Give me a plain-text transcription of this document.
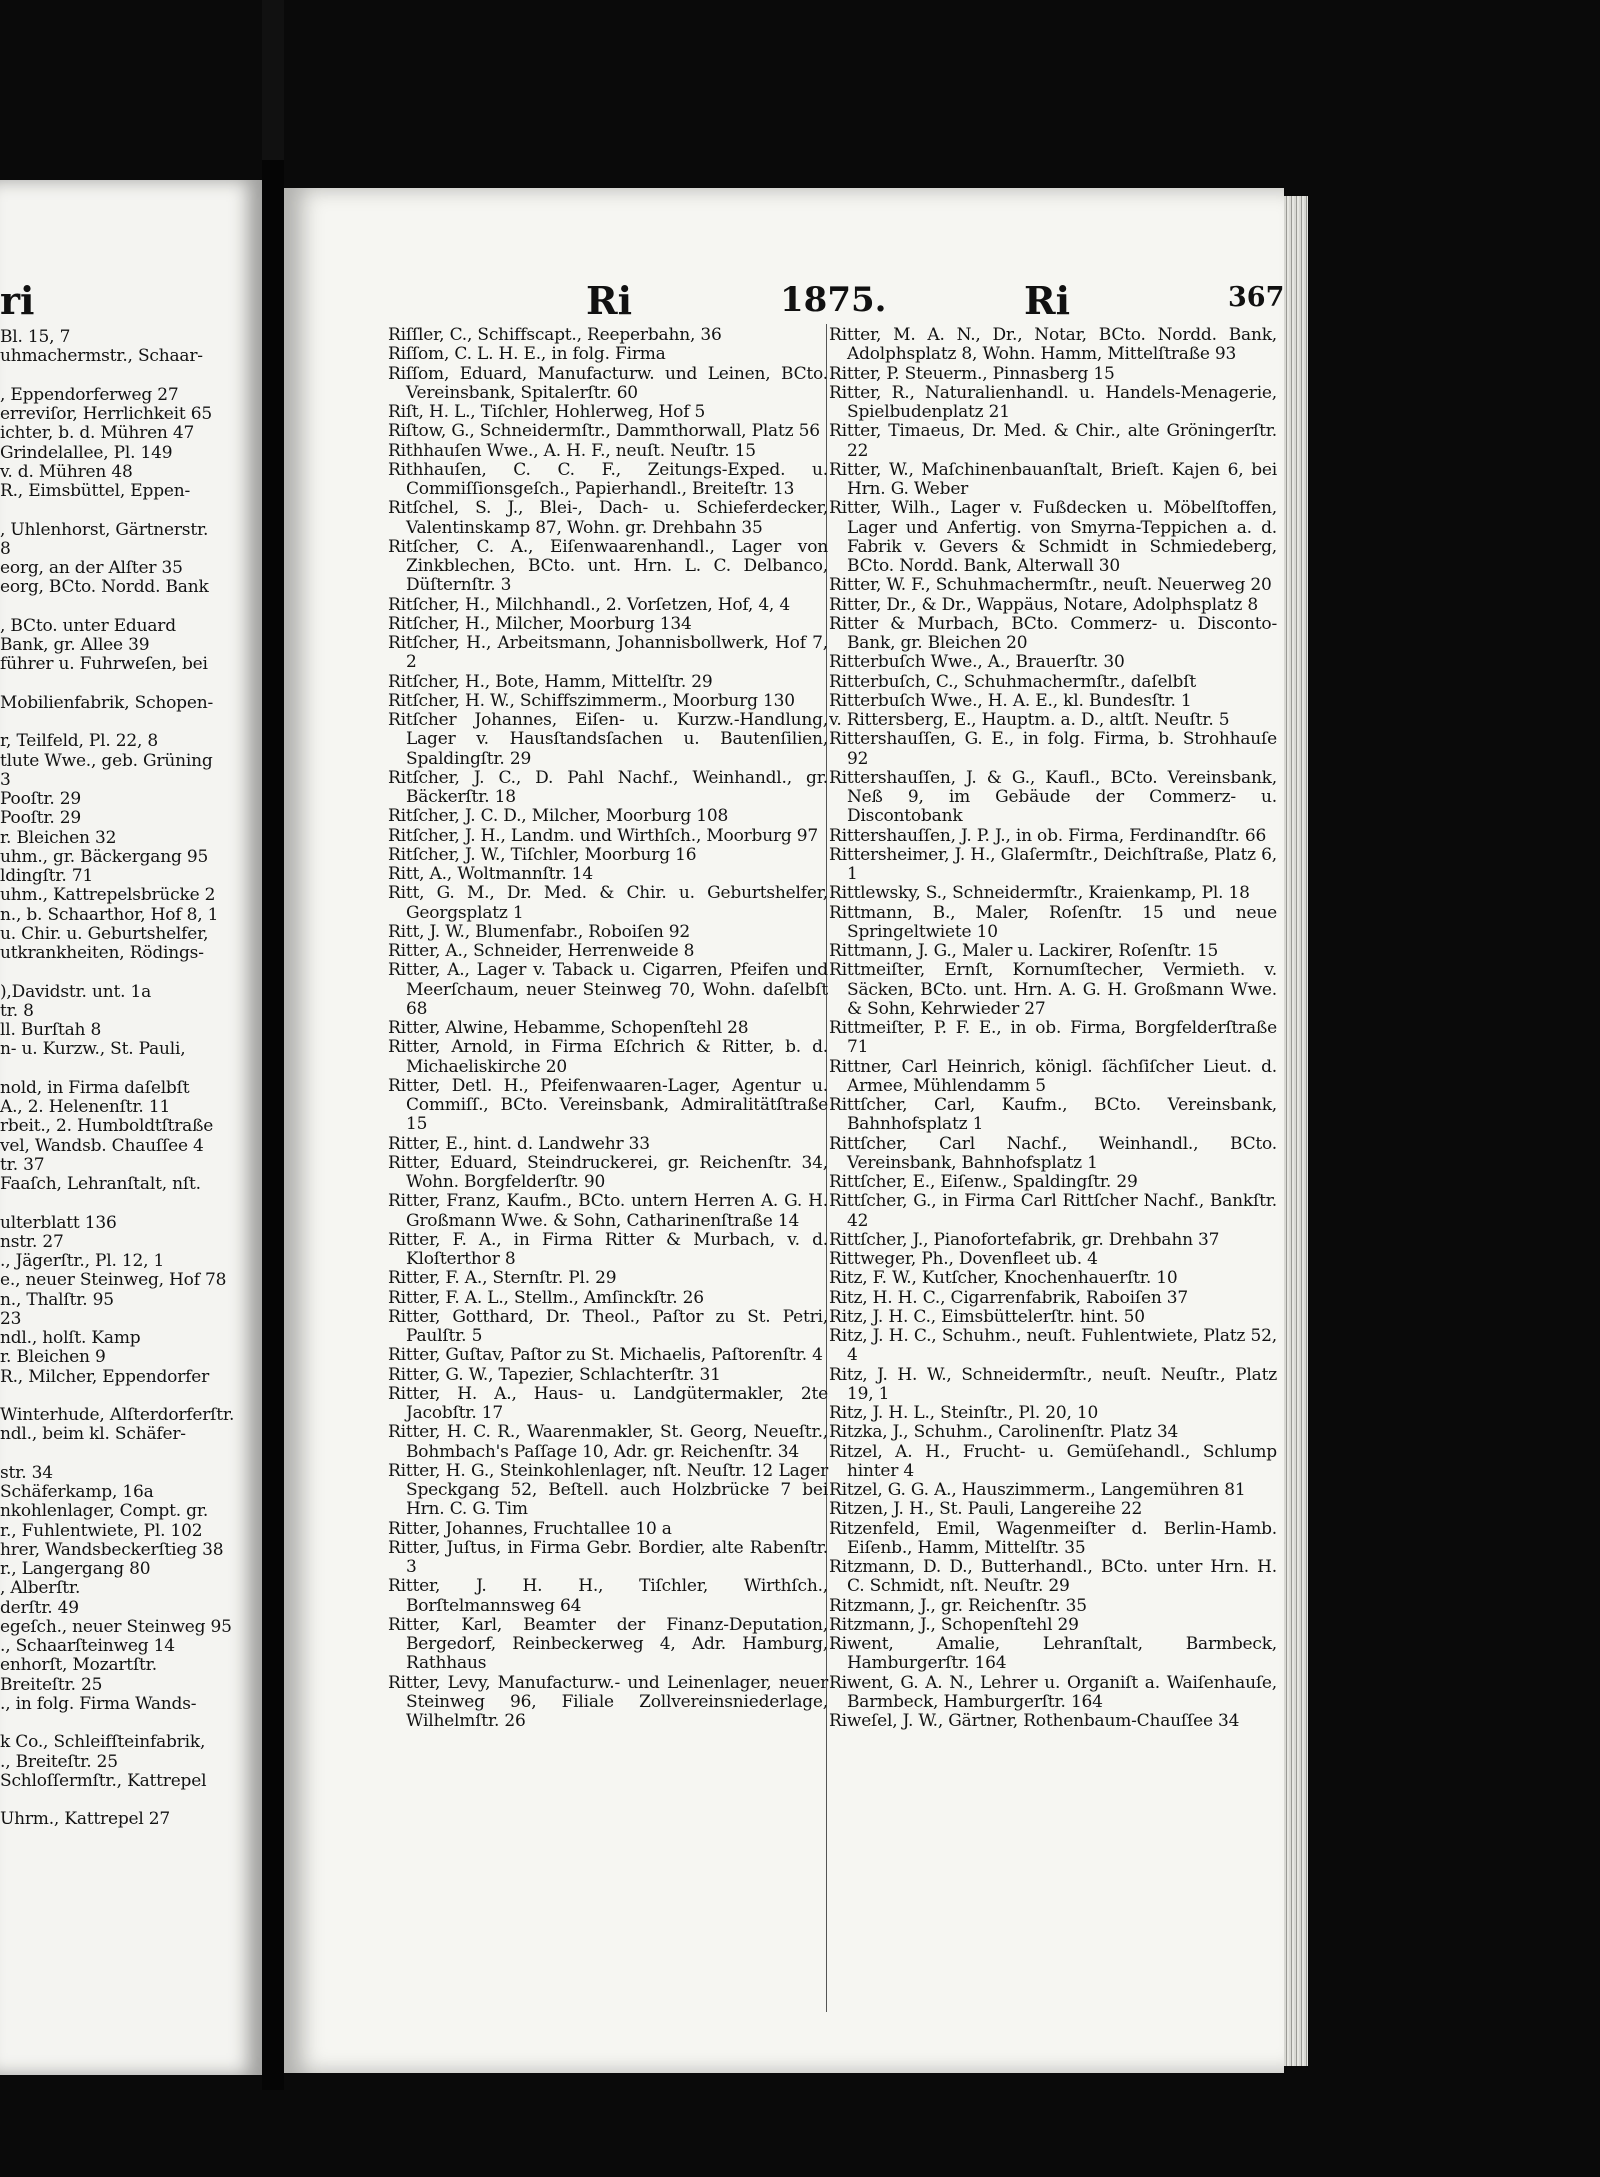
ri
Bl. 15, 7
uhmachermstr., Schaar-

, Eppendorferweg 27
erreviſor, Herrlichkeit 65
ichter, b. d. Mühren 47
Grindelallee, Pl. 149
v. d. Mühren 48
R., Eimsbüttel, Eppen-

, Uhlenhorst, Gärtnerstr.
8
eorg, an der Alſter 35
eorg, BCto. Nordd. Bank

, BCto. unter Eduard
Bank, gr. Allee 39
führer u. Fuhrweſen, bei

Mobilienfabrik, Schopen-

r, Teilfeld, Pl. 22, 8
tlute Wwe., geb. Grüning
3
Pooſtr. 29
Pooſtr. 29
r. Bleichen 32
uhm., gr. Bäckergang 95
ldingſtr. 71
uhm., Kattrepelsbrücke 2
n., b. Schaarthor, Hof 8, 1
u. Chir. u. Geburtshelfer,
utkrankheiten, Rödings-

),Davidstr. unt. 1a
tr. 8
ll. Burſtah 8
n- u. Kurzw., St. Pauli,

nold, in Firma daſelbſt
A., 2. Helenenſtr. 11
rbeit., 2. Humboldtſtraße
vel, Wandsb. Chauſſee 4
tr. 37
Faaſch, Lehranſtalt, nſt.

ulterblatt 136
nstr. 27
., Jägerſtr., Pl. 12, 1
e., neuer Steinweg, Hof 78
n., Thalſtr. 95
23
ndl., holſt. Kamp
r. Bleichen 9
R., Milcher, Eppendorfer

Winterhude, Alſterdorferſtr.
ndl., beim kl. Schäfer-

str. 34
Schäferkamp, 16a
nkohlenlager, Compt. gr.
r., Fuhlentwiete, Pl. 102
hrer, Wandsbeckerſtieg 38
r., Langergang 80
, Alberſtr.
derſtr. 49
egeſch., neuer Steinweg 95
., Schaarſteinweg 14
enhorſt, Mozartſtr.
Breiteſtr. 25
., in folg. Firma Wands-

k Co., Schleifſteinfabrik,
., Breiteſtr. 25
Schloſſermſtr., Kattrepel

Uhrm., Kattrepel 27
Ri	1875.	Ri	367
Riſſler, C., Schiffscapt., Reeperbahn, 36
Riſſom, C. L. H. E., in folg. Firma
Riſſom, Eduard, Manufacturw. und Leinen, BCto. Vereinsbank, Spitalerſtr. 60
Riſt, H. L., Tiſchler, Hohlerweg, Hof 5
Riſtow, G., Schneidermſtr., Dammthorwall, Platz 56
Rithhauſen Wwe., A. H. F., neuſt. Neuſtr. 15
Rithhauſen, C. C. F., Zeitungs-Exped. u. Commiſſionsgeſch., Papierhandl., Breiteſtr. 13
Ritſchel, S. J., Blei-, Dach- u. Schieferdecker, Valentinskamp 87, Wohn. gr. Drehbahn 35
Ritſcher, C. A., Eiſenwaarenhandl., Lager von Zinkblechen, BCto. unt. Hrn. L. C. Delbanco, Düſternſtr. 3
Ritſcher, H., Milchhandl., 2. Vorſetzen, Hof, 4, 4
Ritſcher, H., Milcher, Moorburg 134
Ritſcher, H., Arbeitsmann, Johannisbollwerk, Hof 7, 2
Ritſcher, H., Bote, Hamm, Mittelſtr. 29
Ritſcher, H. W., Schiffszimmerm., Moorburg 130
Ritſcher Johannes, Eiſen- u. Kurzw.-Handlung, Lager v. Hausſtandsſachen u. Bautenſilien, Spaldingſtr. 29
Ritſcher, J. C., D. Pahl Nachf., Weinhandl., gr. Bäckerſtr. 18
Ritſcher, J. C. D., Milcher, Moorburg 108
Ritſcher, J. H., Landm. und Wirthſch., Moorburg 97
Ritſcher, J. W., Tiſchler, Moorburg 16
Ritt, A., Woltmannſtr. 14
Ritt, G. M., Dr. Med. & Chir. u. Geburtshelfer, Georgsplatz 1
Ritt, J. W., Blumenfabr., Roboiſen 92
Ritter, A., Schneider, Herrenweide 8
Ritter, A., Lager v. Taback u. Cigarren, Pfeifen und Meerſchaum, neuer Steinweg 70, Wohn. daſelbſt 68
Ritter, Alwine, Hebamme, Schopenſtehl 28
Ritter, Arnold, in Firma Eſchrich & Ritter, b. d. Michaeliskirche 20
Ritter, Detl. H., Pfeifenwaaren-Lager, Agentur u. Commiſſ., BCto. Vereinsbank, Admiralitätſtraße 15
Ritter, E., hint. d. Landwehr 33
Ritter, Eduard, Steindruckerei, gr. Reichenſtr. 34, Wohn. Borgfelderſtr. 90
Ritter, Franz, Kaufm., BCto. untern Herren A. G. H. Großmann Wwe. & Sohn, Catharinenſtraße 14
Ritter, F. A., in Firma Ritter & Murbach, v. d. Kloſterthor 8
Ritter, F. A., Sternſtr. Pl. 29
Ritter, F. A. L., Stellm., Amſinckſtr. 26
Ritter, Gotthard, Dr. Theol., Paſtor zu St. Petri, Paulſtr. 5
Ritter, Guſtav, Paſtor zu St. Michaelis, Paſtorenſtr. 4
Ritter, G. W., Tapezier, Schlachterſtr. 31
Ritter, H. A., Haus- u. Landgütermakler, 2te Jacobſtr. 17
Ritter, H. C. R., Waarenmakler, St. Georg, Neueſtr., Bohmbach's Paſſage 10, Adr. gr. Reichenſtr. 34
Ritter, H. G., Steinkohlenlager, nſt. Neuſtr. 12 Lager Speckgang 52, Beſtell. auch Holzbrücke 7 bei Hrn. C. G. Tim
Ritter, Johannes, Fruchtallee 10 a
Ritter, Juſtus, in Firma Gebr. Bordier, alte Rabenſtr. 3
Ritter, J. H. H., Tiſchler, Wirthſch., Borſtelmannsweg 64
Ritter, Karl, Beamter der Finanz-Deputation, Bergedorf, Reinbeckerweg 4, Adr. Hamburg, Rathhaus
Ritter, Levy, Manufacturw.- und Leinenlager, neuer Steinweg 96, Filiale Zollvereinsniederlage, Wilhelmſtr. 26
Ritter, M. A. N., Dr., Notar, BCto. Nordd. Bank, Adolphsplatz 8, Wohn. Hamm, Mittelſtraße 93
Ritter, P. Steuerm., Pinnasberg 15
Ritter, R., Naturalienhandl. u. Handels-Menagerie, Spielbudenplatz 21
Ritter, Timaeus, Dr. Med. & Chir., alte Gröningerſtr. 22
Ritter, W., Maſchinenbauanſtalt, Brieſt. Kajen 6, bei Hrn. G. Weber
Ritter, Wilh., Lager v. Fußdecken u. Möbelſtoffen, Lager und Anfertig. von Smyrna-Teppichen a. d. Fabrik v. Gevers & Schmidt in Schmiedeberg, BCto. Nordd. Bank, Alterwall 30
Ritter, W. F., Schuhmachermſtr., neuſt. Neuerweg 20
Ritter, Dr., & Dr., Wappäus, Notare, Adolphsplatz 8
Ritter & Murbach, BCto. Commerz- u. Disconto-Bank, gr. Bleichen 20
Ritterbuſch Wwe., A., Brauerſtr. 30
Ritterbuſch, C., Schuhmachermſtr., daſelbſt
Ritterbuſch Wwe., H. A. E., kl. Bundesſtr. 1
v. Rittersberg, E., Hauptm. a. D., altſt. Neuſtr. 5
Rittershauſſen, G. E., in folg. Firma, b. Strohhauſe 92
Rittershauſſen, J. & G., Kaufl., BCto. Vereinsbank, Neß 9, im Gebäude der Commerz- u. Discontobank
Rittershauſſen, J. P. J., in ob. Firma, Ferdinandſtr. 66
Rittersheimer, J. H., Glaſermſtr., Deichſtraße, Platz 6, 1
Rittlewsky, S., Schneidermſtr., Kraienkamp, Pl. 18
Rittmann, B., Maler, Roſenſtr. 15 und neue Springeltwiete 10
Rittmann, J. G., Maler u. Lackirer, Roſenſtr. 15
Rittmeiſter, Ernſt, Kornumſtecher, Vermieth. v. Säcken, BCto. unt. Hrn. A. G. H. Großmann Wwe. & Sohn, Kehrwieder 27
Rittmeiſter, P. F. E., in ob. Firma, Borgfelderſtraße 71
Rittner, Carl Heinrich, königl. ſächſiſcher Lieut. d. Armee, Mühlendamm 5
Rittſcher, Carl, Kaufm., BCto. Vereinsbank, Bahnhofsplatz 1
Rittſcher, Carl Nachf., Weinhandl., BCto. Vereinsbank, Bahnhofsplatz 1
Rittſcher, E., Eiſenw., Spaldingſtr. 29
Rittſcher, G., in Firma Carl Rittſcher Nachf., Bankſtr. 42
Rittſcher, J., Pianofortefabrik, gr. Drehbahn 37
Rittweger, Ph., Dovenfleet ub. 4
Ritz, F. W., Kutſcher, Knochenhauerſtr. 10
Ritz, H. H. C., Cigarrenfabrik, Raboiſen 37
Ritz, J. H. C., Eimsbüttelerſtr. hint. 50
Ritz, J. H. C., Schuhm., neuſt. Fuhlentwiete, Platz 52, 4
Ritz, J. H. W., Schneidermſtr., neuſt. Neuſtr., Platz 19, 1
Ritz, J. H. L., Steinſtr., Pl. 20, 10
Ritzka, J., Schuhm., Carolinenſtr. Platz 34
Ritzel, A. H., Frucht- u. Gemüſehandl., Schlump hinter 4
Ritzel, G. G. A., Hauszimmerm., Langemühren 81
Ritzen, J. H., St. Pauli, Langereihe 22
Ritzenfeld, Emil, Wagenmeiſter d. Berlin-Hamb. Eiſenb., Hamm, Mittelſtr. 35
Ritzmann, D. D., Butterhandl., BCto. unter Hrn. H. C. Schmidt, nſt. Neuſtr. 29
Ritzmann, J., gr. Reichenſtr. 35
Ritzmann, J., Schopenſtehl 29
Riwent, Amalie, Lehranſtalt, Barmbeck, Hamburgerſtr. 164
Riwent, G. A. N., Lehrer u. Organiſt a. Waiſenhauſe, Barmbeck, Hamburgerſtr. 164
Riweſel, J. W., Gärtner, Rothenbaum-Chauſſee 34
